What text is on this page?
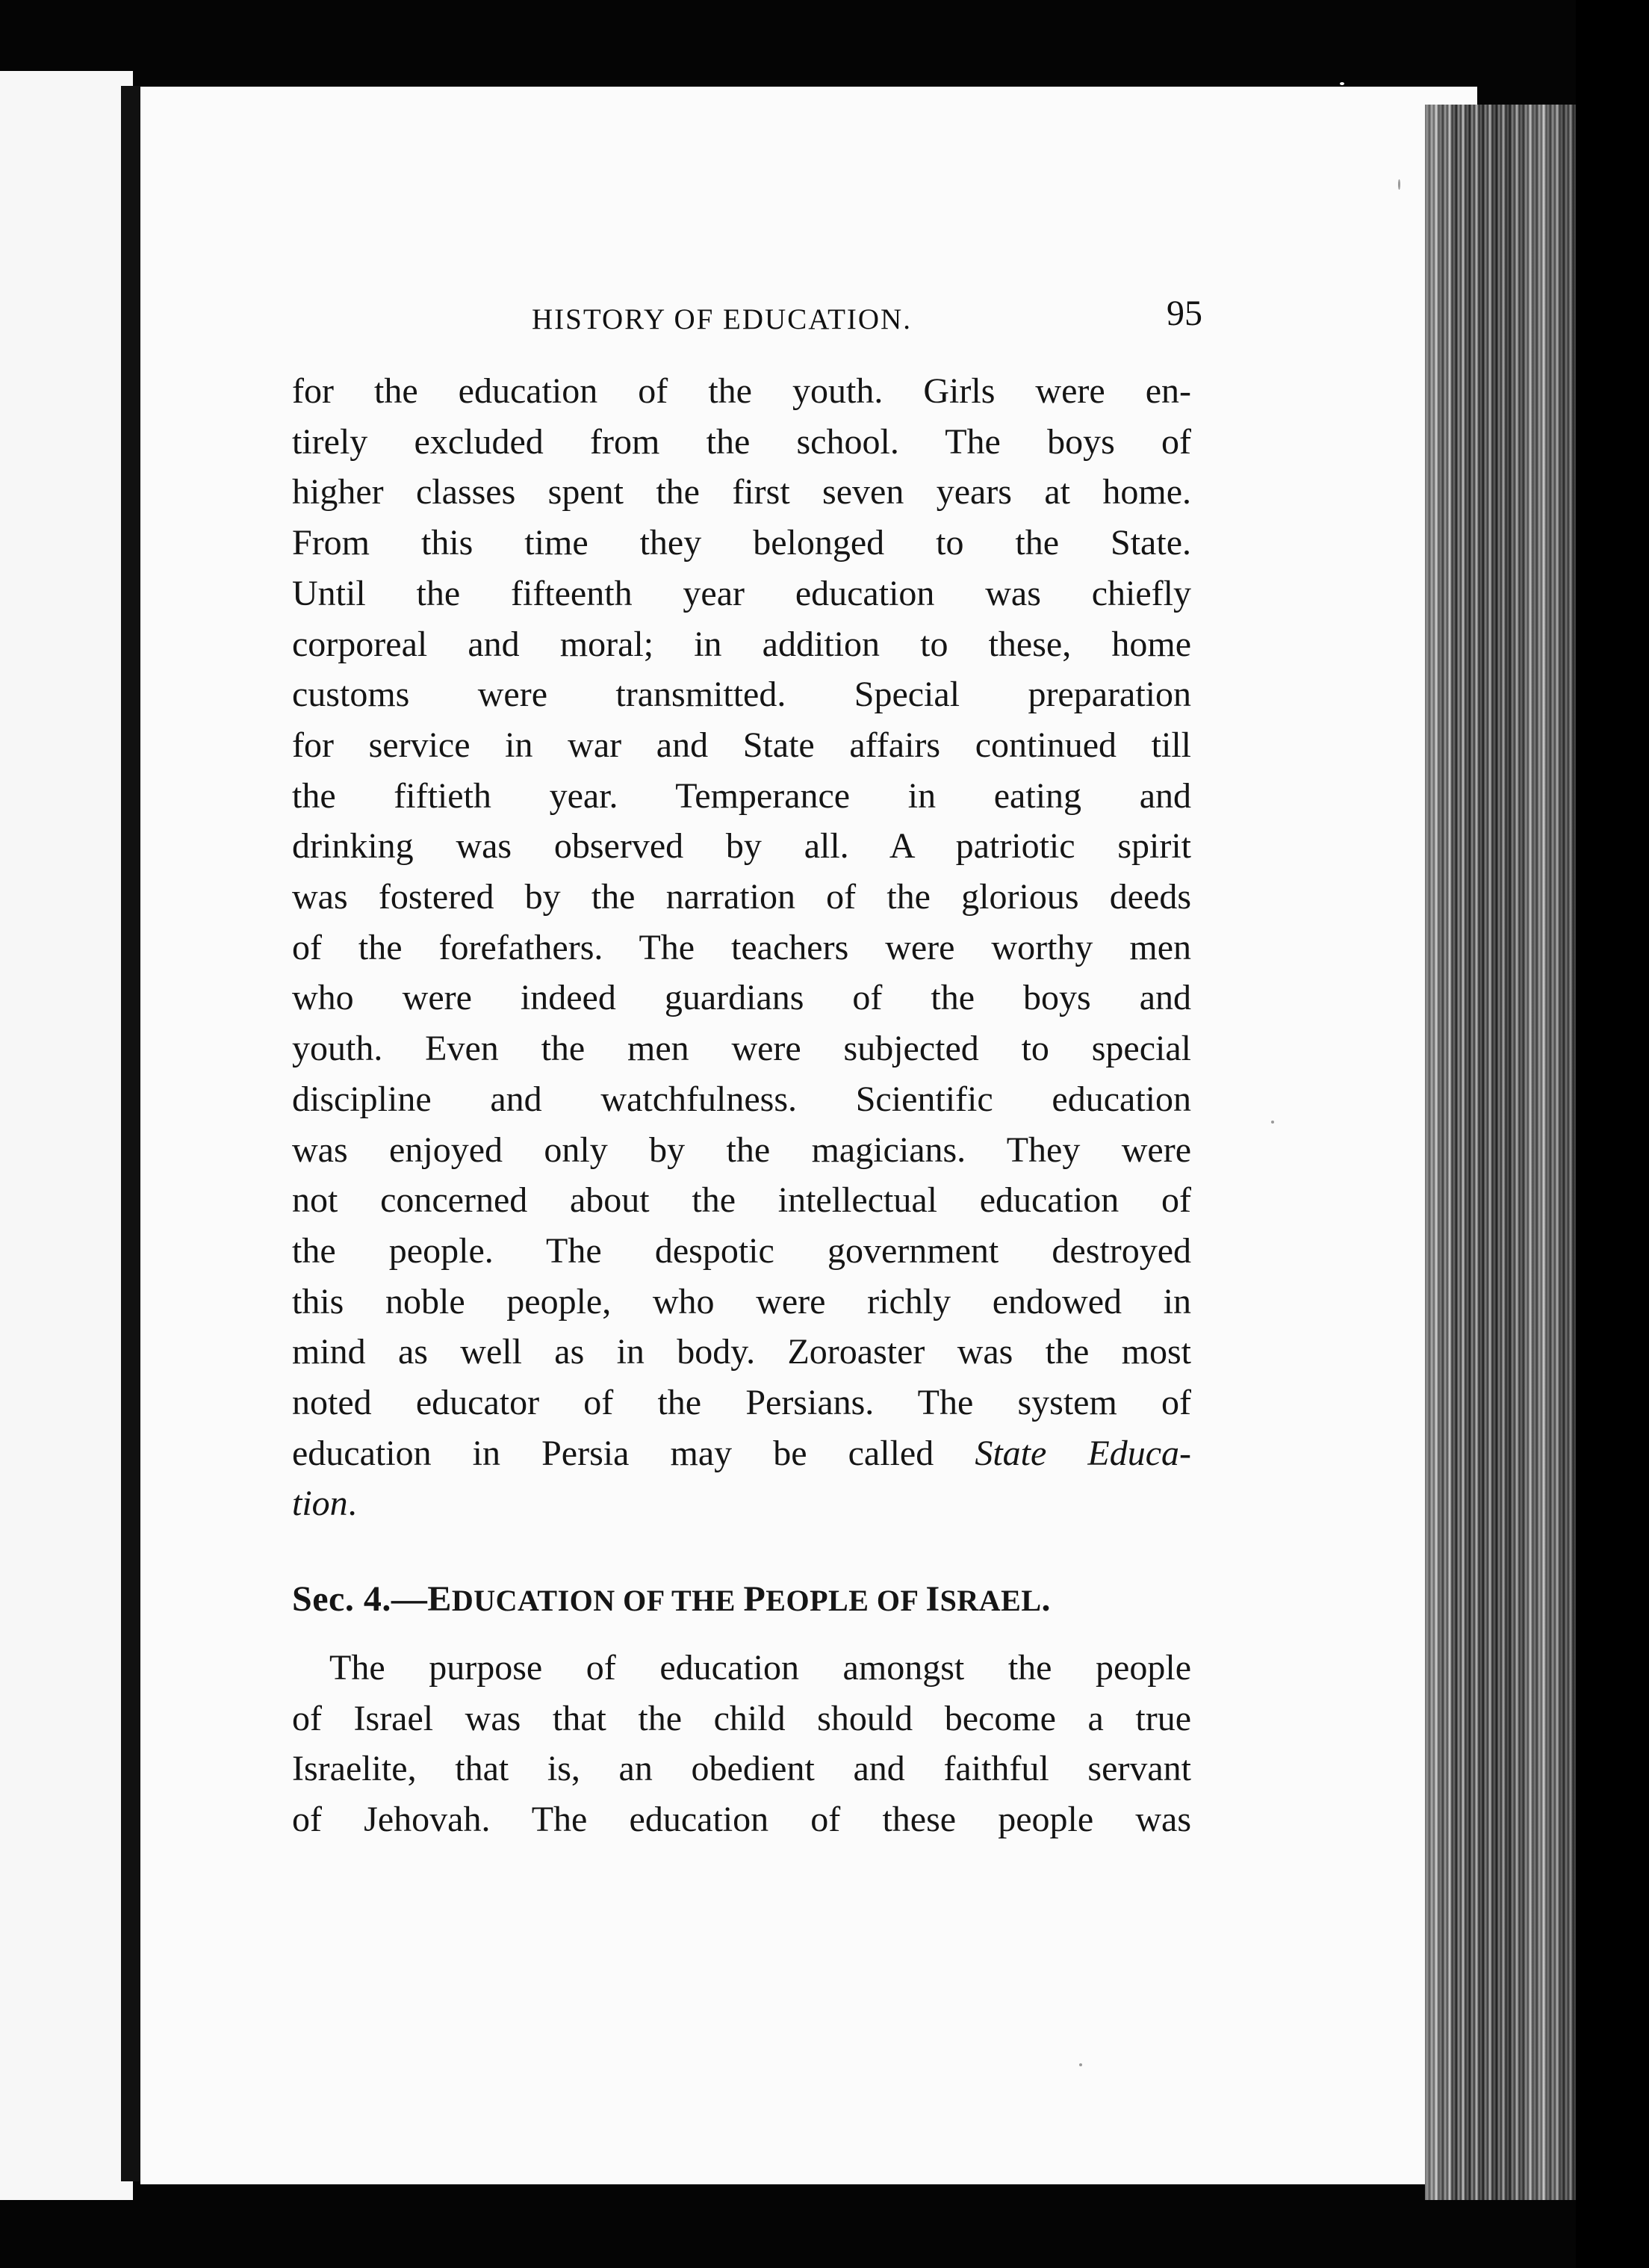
HISTORY OF EDUCATION.	95

for the education of the youth. Girls were en-
tirely excluded from the school. The boys of
higher classes spent the first seven years at home.
From this time they belonged to the State.
Until the fifteenth year education was chiefly
corporeal and moral; in addition to these, home
customs were transmitted. Special preparation
for service in war and State affairs continued till
the fiftieth year. Temperance in eating and
drinking was observed by all. A patriotic spirit
was fostered by the narration of the glorious deeds
of the forefathers. The teachers were worthy men
who were indeed guardians of the boys and
youth. Even the men were subjected to special
discipline and watchfulness. Scientific education
was enjoyed only by the magicians. They were
not concerned about the intellectual education of
the people. The despotic government destroyed
this noble people, who were richly endowed in
mind as well as in body. Zoroaster was the most
noted educator of the Persians. The system of
education in Persia may be called State Educa-
tion.

Sec. 4.—EDUCATION OF THE PEOPLE OF ISRAEL.

The purpose of education amongst the people
of Israel was that the child should become a true
Israelite, that is, an obedient and faithful servant
of Jehovah. The education of these people was
